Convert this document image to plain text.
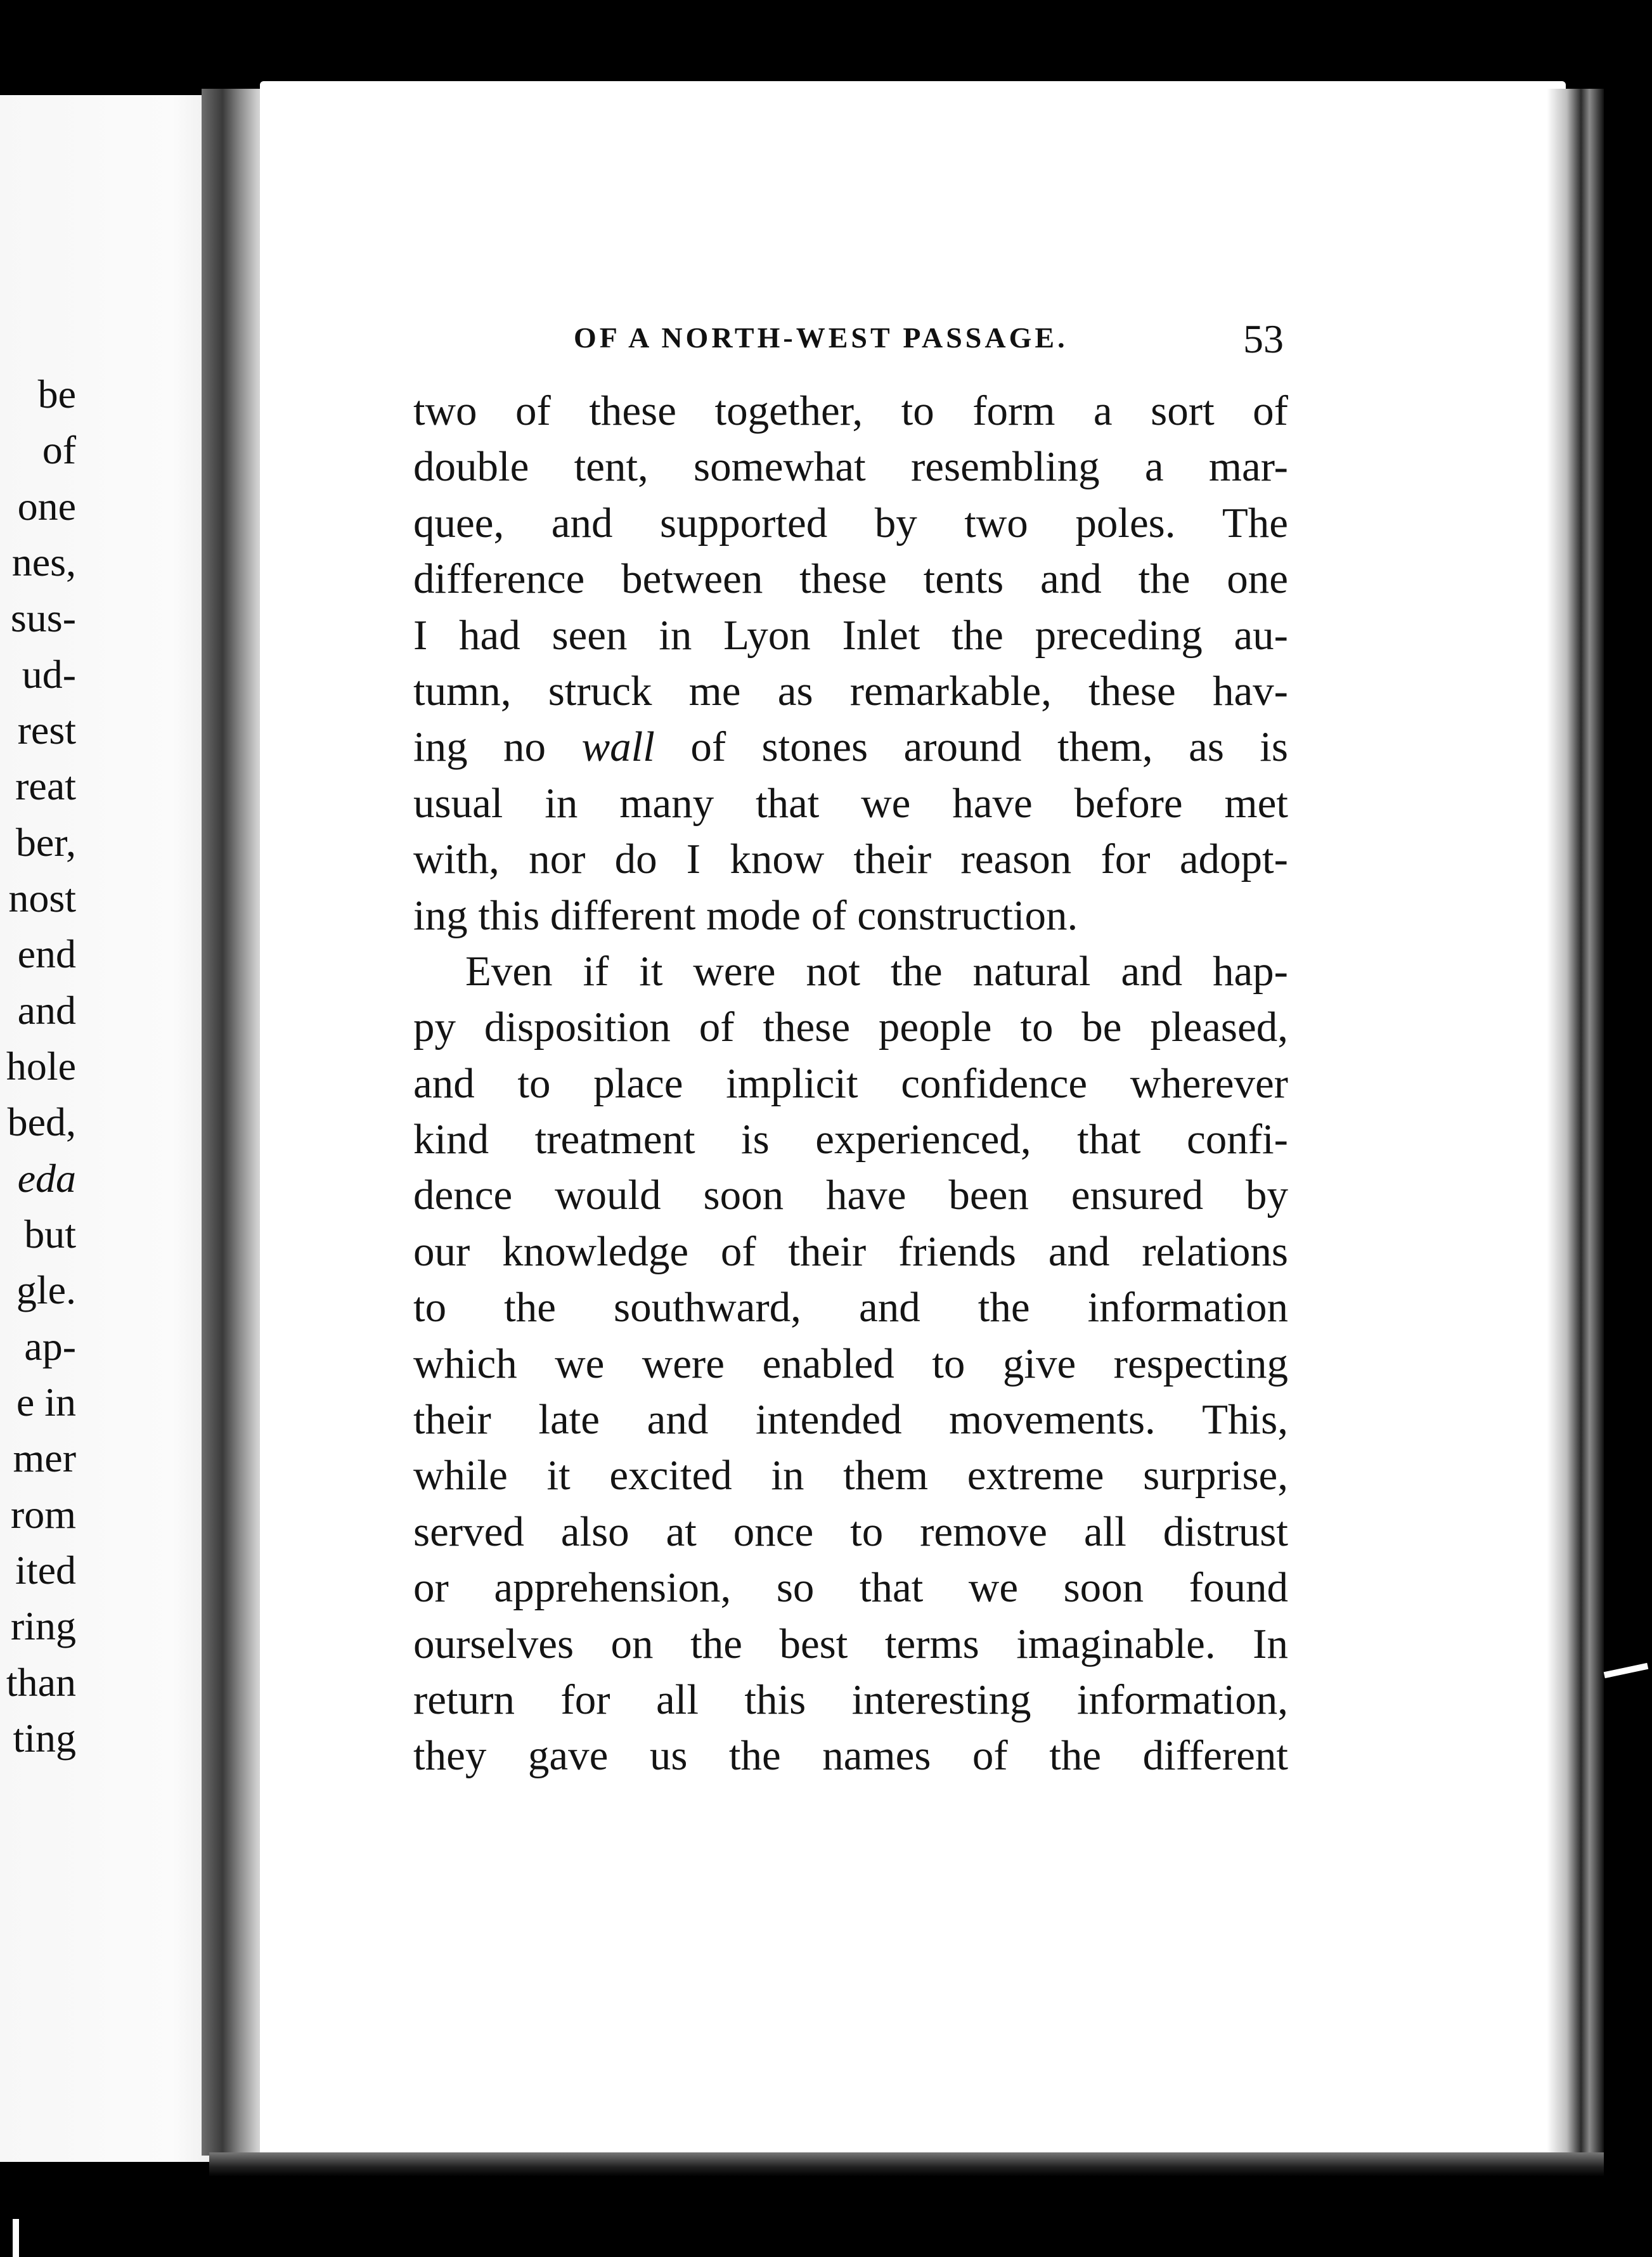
be
of
one
nes,
sus-
ud-
rest
reat
ber,
nost
end
and
hole
bed,
eda
but
gle.
ap-
e in
mer
rom
ited
ring
than
ting
OF A NORTH-WEST PASSAGE.	53
two of these together, to form a sort of
double tent, somewhat resembling a mar-
quee, and supported by two poles. The
difference between these tents and the one
I had seen in Lyon Inlet the preceding au-
tumn, struck me as remarkable, these hav-
ing no wall of stones around them, as is
usual in many that we have before met
with, nor do I know their reason for adopt-
ing this different mode of construction.
Even if it were not the natural and hap-
py disposition of these people to be pleased,
and to place implicit confidence wherever
kind treatment is experienced, that confi-
dence would soon have been ensured by
our knowledge of their friends and relations
to the southward, and the information
which we were enabled to give respecting
their late and intended movements. This,
while it excited in them extreme surprise,
served also at once to remove all distrust
or apprehension, so that we soon found
ourselves on the best terms imaginable. In
return for all this interesting information,
they gave us the names of the different
